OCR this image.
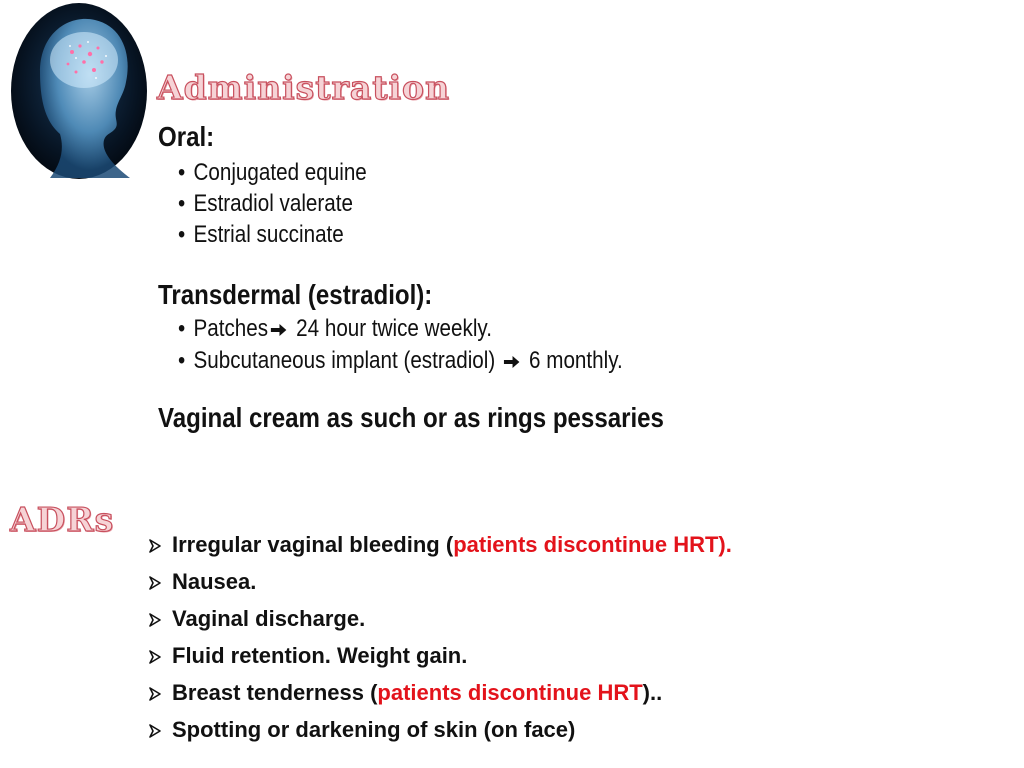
Administration
Oral:
• Conjugated equine
• Estradiol valerate
• Estrial succinate
Transdermal (estradiol):
• Patches 24 hour twice weekly.
• Subcutaneous implant (estradiol)  6 monthly.
Vaginal cream as such or as rings pessaries
ADRs
Irregular vaginal bleeding (patients discontinue HRT).
Nausea.
Vaginal discharge.
Fluid retention. Weight gain.
Breast tenderness (patients discontinue HRT)..
Spotting or darkening of skin (on face)
